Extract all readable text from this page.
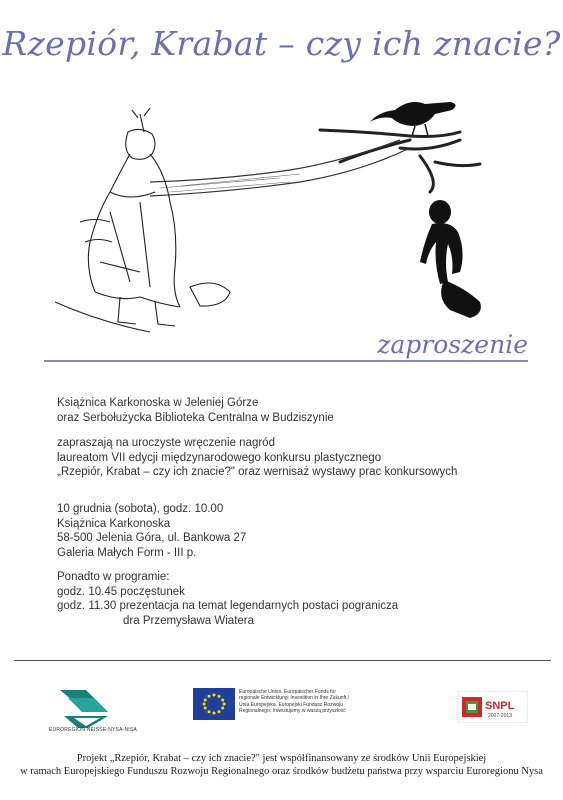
Rzepiór, Krabat – czy ich znacie?
zaproszenie
Książnica Karkonoska w Jeleniej Górze
oraz Serbołużycka Biblioteka Centralna w Budziszynie
zapraszają na uroczyste wręczenie nagród
laureatom VII edycji międzynarodowego konkursu plastycznego
„Rzepiór, Krabat – czy ich znacie?" oraz wernisaż wystawy prac konkursowych
10 grudnia (sobota), godz. 10.00
Książnica Karkonoska
58-500 Jelenia Góra, ul. Bankowa 27
Galeria Małych Form - III p.
Ponadto w programie:
godz. 10.45 poczęstunek
godz. 11.30 prezentacja na temat legendarnych postaci pogranicza
dra Przemysława Wiatera
EUROREGION NEISSE-NYSA-NISA
Europäische Union. Europäischer Fonds für
regionale Entwicklung: Investition in Ihre Zukunft /
Unia Europejska. Europejski Fundusz Rozwoju
Regionalnego: Inwestujemy w waszą przyszłość	SNPL
2007-2013
Projekt „Rzepiór, Krabat – czy ich znacie?" jest współfinansowany ze środków Unii Europejskiej
w ramach Europejskiego Funduszu Rozwoju Regionalnego oraz środków budżetu państwa przy wsparciu Euroregionu Nysa
